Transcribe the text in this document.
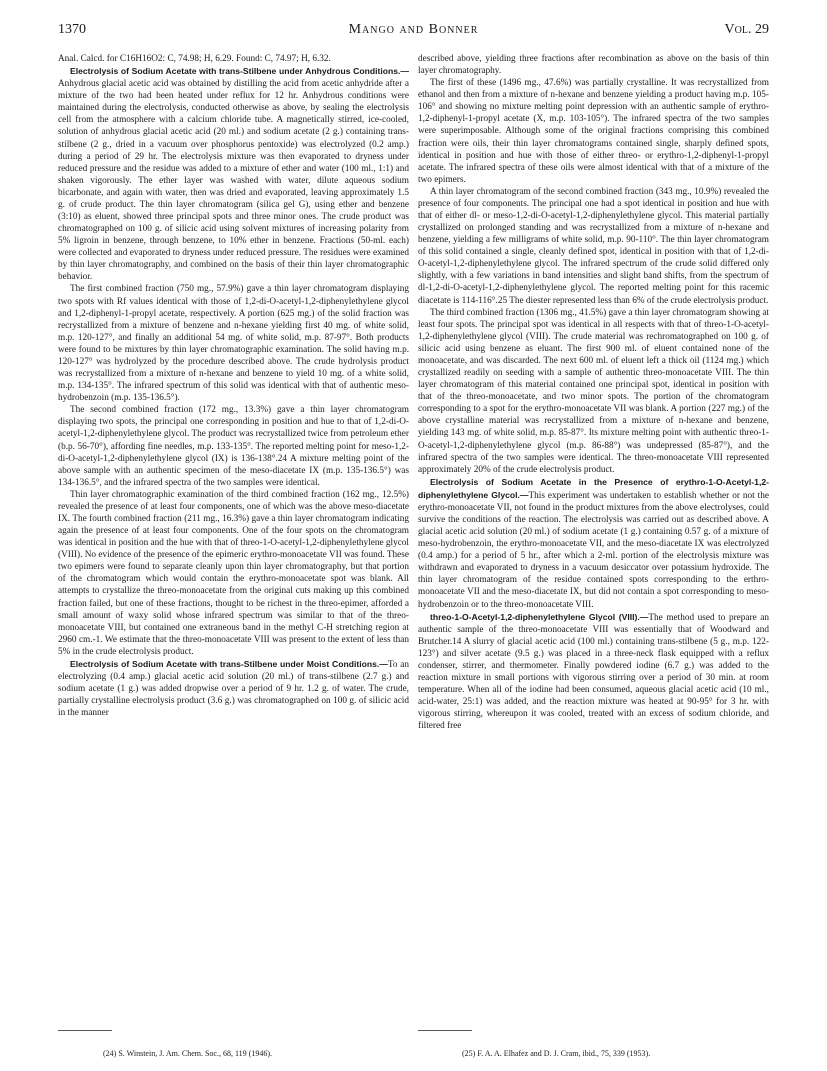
1370	Mango and Bonner	Vol. 29

Anal. Calcd. for C16H16O2: C, 74.98; H, 6.29. Found: C, 74.97; H, 6.32.

Electrolysis of Sodium Acetate with trans-Stilbene under Anhydrous Conditions.—Anhydrous glacial acetic acid was obtained by distilling the acid from acetic anhydride after a mixture of the two had been heated under reflux for 12 hr. Anhydrous conditions were maintained during the electrolysis, conducted otherwise as above, by sealing the electrolysis cell from the atmosphere with a calcium chloride tube. A magnetically stirred, ice-cooled, solution of anhydrous glacial acetic acid (20 ml.) and sodium acetate (2 g.) containing trans-stilbene (2 g., dried in a vacuum over phosphorus pentoxide) was electrolyzed (0.2 amp.) during a period of 29 hr. The electrolysis mixture was then evaporated to dryness under reduced pressure and the residue was added to a mixture of ether and water (100 ml., 1:1) and shaken vigorously. The ether layer was washed with water, dilute aqueous sodium bicarbonate, and again with water, then was dried and evaporated, leaving approximately 1.5 g. of crude product. The thin layer chromatogram (silica gel G), using ether and benzene (3:10) as eluent, showed three principal spots and three minor ones. The crude product was chromatographed on 100 g. of silicic acid using solvent mixtures of increasing polarity from 5% ligroin in benzene, through benzene, to 10% ether in benzene. Fractions (50-ml. each) were collected and evaporated to dryness under reduced pressure. The residues were examined by thin layer chromatography, and combined on the basis of their thin layer chromatographic behavior.

The first combined fraction (750 mg., 57.9%) gave a thin layer chromatogram displaying two spots with Rf values identical with those of 1,2-di-O-acetyl-1,2-diphenylethylene glycol and 1,2-diphenyl-1-propyl acetate, respectively. A portion (625 mg.) of the solid fraction was recrystallized from a mixture of benzene and n-hexane yielding first 40 mg. of white solid, m.p. 120-127°, and finally an additional 54 mg. of white solid, m.p. 87-97°. Both products were found to be mixtures by thin layer chromatographic examination. The solid having m.p. 120-127° was hydrolyzed by the procedure described above. The crude hydrolysis product was recrystallized from a mixture of n-hexane and benzene to yield 10 mg. of a white solid, m.p. 134-135°. The infrared spectrum of this solid was identical with that of authentic meso-hydrobenzoin (m.p. 135-136.5°).

The second combined fraction (172 mg., 13.3%) gave a thin layer chromatogram displaying two spots, the principal one corresponding in position and hue to that of 1,2-di-O-acetyl-1,2-diphenylethylene glycol. The product was recrystallized twice from petroleum ether (b.p. 56-70°), affording fine needles, m.p. 133-135°. The reported melting point for meso-1,2-di-O-acetyl-1,2-diphenylethylene glycol (IX) is 136-138°.24 A mixture melting point of the above sample with an authentic specimen of the meso-diacetate IX (m.p. 135-136.5°) was 134-136.5°, and the infrared spectra of the two samples were identical.

Thin layer chromatographic examination of the third combined fraction (162 mg., 12.5%) revealed the presence of at least four components, one of which was the above meso-diacetate IX. The fourth combined fraction (211 mg., 16.3%) gave a thin layer chromatogram indicating again the presence of at least four components. One of the four spots on the chromatogram was identical in position and the hue with that of threo-1-O-acetyl-1,2-diphenylethylene glycol (VIII). No evidence of the presence of the epimeric erythro-monoacetate VII was found. These two epimers were found to separate cleanly upon thin layer chromatography, but that portion of the chromatogram which would contain the erythro-monoacetate spot was blank. All attempts to crystallize the threo-monoacetate from the original cuts making up this combined fraction failed, but one of these fractions, thought to be richest in the threo-epimer, afforded a small amount of waxy solid whose infrared spectrum was similar to that of the threo-monoacetate VIII, but contained one extraneous band in the methyl C-H stretching region at 2960 cm.-1. We estimate that the threo-monoacetate VIII was present to the extent of less than 5% in the crude electrolysis product.

Electrolysis of Sodium Acetate with trans-Stilbene under Moist Conditions.—To an electrolyzing (0.4 amp.) glacial acetic acid solution (20 ml.) of trans-stilbene (2.7 g.) and sodium acetate (1 g.) was added dropwise over a period of 9 hr. 1.2 g. of water. The crude, partially crystalline electrolysis product (3.6 g.) was chromatographed on 100 g. of silicic acid in the manner

described above, yielding three fractions after recombination as above on the basis of thin layer chromatography.

The first of these (1496 mg., 47.6%) was partially crystalline. It was recrystallized from ethanol and then from a mixture of n-hexane and benzene yielding a product having m.p. 105-106° and showing no mixture melting point depression with an authentic sample of erythro-1,2-diphenyl-1-propyl acetate (X, m.p. 103-105°). The infrared spectra of the two samples were superimposable. Although some of the original fractions comprising this combined fraction were oils, their thin layer chromatograms contained single, sharply defined spots, identical in position and hue with those of either threo- or erythro-1,2-diphenyl-1-propyl acetate. The infrared spectra of these oils were almost identical with that of a mixture of the two epimers.

A thin layer chromatogram of the second combined fraction (343 mg., 10.9%) revealed the presence of four components. The principal one had a spot identical in position and hue with that of either dl- or meso-1,2-di-O-acetyl-1,2-diphenylethylene glycol. This material partially crystallized on prolonged standing and was recrystallized from a mixture of n-hexane and benzene, yielding a few milligrams of white solid, m.p. 90-110°. The thin layer chromatogram of this solid contained a single, cleanly defined spot, identical in position with that of 1,2-di-O-acetyl-1,2-diphenylethylene glycol. The infrared spectrum of the crude solid differed only slightly, with a few variations in band intensities and slight band shifts, from the spectrum of dl-1,2-di-O-acetyl-1,2-diphenylethylene glycol. The reported melting point for this racemic diacetate is 114-116°.25 The diester represented less than 6% of the crude electrolysis product.

The third combined fraction (1306 mg., 41.5%) gave a thin layer chromatogram showing at least four spots. The principal spot was identical in all respects with that of threo-1-O-acetyl-1,2-diphenylethylene glycol (VIII). The crude material was rechromatographed on 100 g. of silicic acid using benzene as eluant. The first 900 ml. of eluent contained none of the monoacetate, and was discarded. The next 600 ml. of eluent left a thick oil (1124 mg.) which crystallized readily on seeding with a sample of authentic threo-monoacetate VIII. The thin layer chromatogram of this material contained one principal spot, identical in position with that of the threo-monoacetate, and two minor spots. The portion of the chromatogram corresponding to a spot for the erythro-monoacetate VII was blank. A portion (227 mg.) of the above crystalline material was recrystallized from a mixture of n-hexane and benzene, yielding 143 mg. of white solid, m.p. 85-87°. Its mixture melting point with authentic threo-1-O-acetyl-1,2-diphenylethylene glycol (m.p. 86-88°) was undepressed (85-87°), and the infrared spectra of the two samples were identical. The threo-monoacetate VIII represented approximately 20% of the crude electrolysis product.

Electrolysis of Sodium Acetate in the Presence of erythro-1-O-Acetyl-1,2-diphenylethylene Glycol.—This experiment was undertaken to establish whether or not the erythro-monoacetate VII, not found in the product mixtures from the above electrolyses, could survive the conditions of the reaction. The electrolysis was carried out as described above. A glacial acetic acid solution (20 ml.) of sodium acetate (1 g.) containing 0.57 g. of a mixture of meso-hydrobenzoin, the erythro-monoacetate VII, and the meso-diacetate IX was electrolyzed (0.4 amp.) for a period of 5 hr., after which a 2-ml. portion of the electrolysis mixture was withdrawn and evaporated to dryness in a vacuum desiccator over potassium hydroxide. The thin layer chromatogram of the residue contained spots corresponding to the erthro-monoacetate VII and the meso-diacetate IX, but did not contain a spot corresponding to meso-hydrobenzoin or to the threo-monoacetate VIII.

threo-1-O-Acetyl-1,2-diphenylethylene Glycol (VIII).—The method used to prepare an authentic sample of the threo-monoacetate VIII was essentially that of Woodward and Brutcher.14 A slurry of glacial acetic acid (100 ml.) containing trans-stilbene (5 g., m.p. 122-123°) and silver acetate (9.5 g.) was placed in a three-neck flask equipped with a reflux condenser, stirrer, and thermometer. Finally powdered iodine (6.7 g.) was added to the reaction mixture in small portions with vigorous stirring over a period of 30 min. at room temperature. When all of the iodine had been consumed, aqueous glacial acetic acid (10 ml., acid-water, 25:1) was added, and the reaction mixture was heated at 90-95° for 3 hr. with vigorous stirring, whereupon it was cooled, treated with an excess of sodium chloride, and filtered free

(24) S. Winstein, J. Am. Chem. Soc., 68, 119 (1946).	(25) F. A. A. Elhafez and D. J. Cram, ibid., 75, 339 (1953).
